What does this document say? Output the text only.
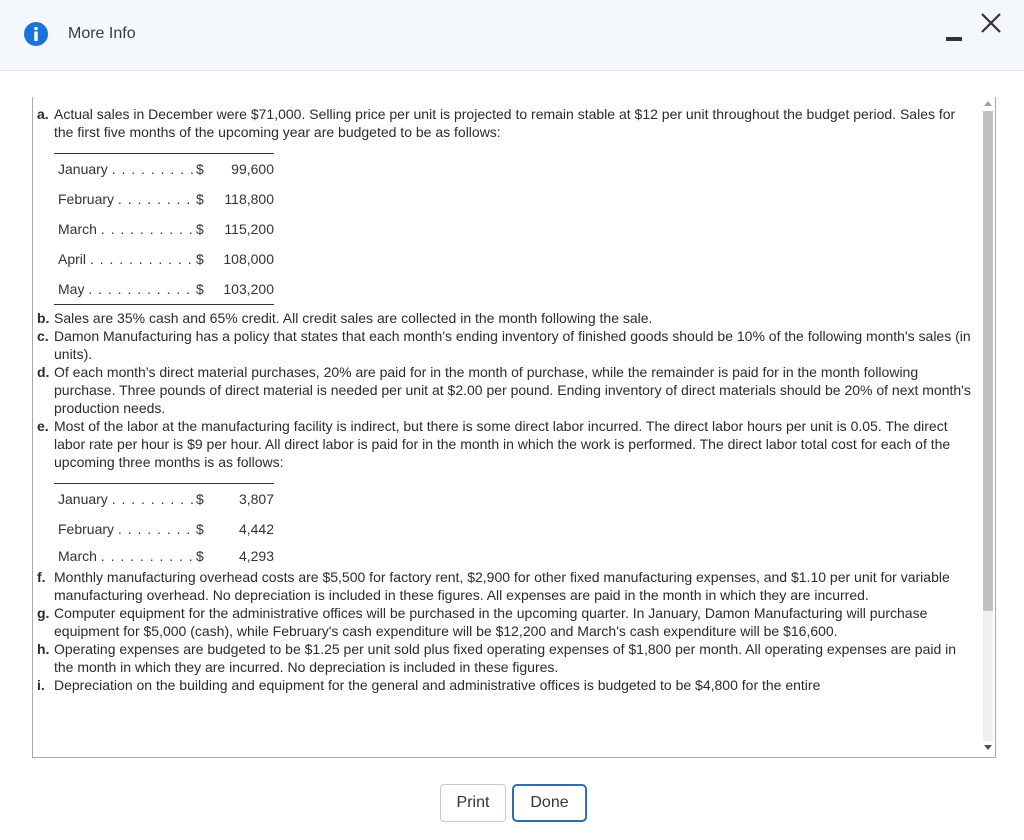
More Info
a. Actual sales in December were $71,000. Selling price per unit is projected to remain stable at $12 per unit throughout the budget period. Sales for the first five months of the upcoming year are budgeted to be as follows:

January . . . . . . . . . $ 99,600
February . . . . . . . . $ 118,800
March . . . . . . . . . . $ 115,200
April . . . . . . . . . . . $ 108,000
May . . . . . . . . . . . $ 103,200
b. Sales are 35% cash and 65% credit. All credit sales are collected in the month following the sale.

c. Damon Manufacturing has a policy that states that each month's ending inventory of finished goods should be 10% of the following month's sales (in units).

d. Of each month's direct material purchases, 20% are paid for in the month of purchase, while the remainder is paid for in the month following purchase. Three pounds of direct material is needed per unit at $2.00 per pound. Ending inventory of direct materials should be 20% of next month's production needs.

e. Most of the labor at the manufacturing facility is indirect, but there is some direct labor incurred. The direct labor hours per unit is 0.05. The direct labor rate per hour is $9 per hour. All direct labor is paid for in the month in which the work is performed. The direct labor total cost for each of the upcoming three months is as follows:

January . . . . . . . . . $	3,807
February . . . . . . . . $	4,442
March . . . . . . . . . . $	4,293
f. Monthly manufacturing overhead costs are $5,500 for factory rent, $2,900 for other fixed manufacturing expenses, and $1.10 per unit for variable manufacturing overhead. No depreciation is included in these figures. All expenses are paid in the month in which they are incurred.

g. Computer equipment for the administrative offices will be purchased in the upcoming quarter. In January, Damon Manufacturing will purchase equipment for $5,000 (cash), while February's cash expenditure will be $12,200 and March's cash expenditure will be $16,600.

h. Operating expenses are budgeted to be $1.25 per unit sold plus fixed operating expenses of $1,800 per month. All operating expenses are paid in the month in which they are incurred. No depreciation is included in these figures.

i. Depreciation on the building and equipment for the general and administrative offices is budgeted to be $4,800 for the entire

Print	Done
